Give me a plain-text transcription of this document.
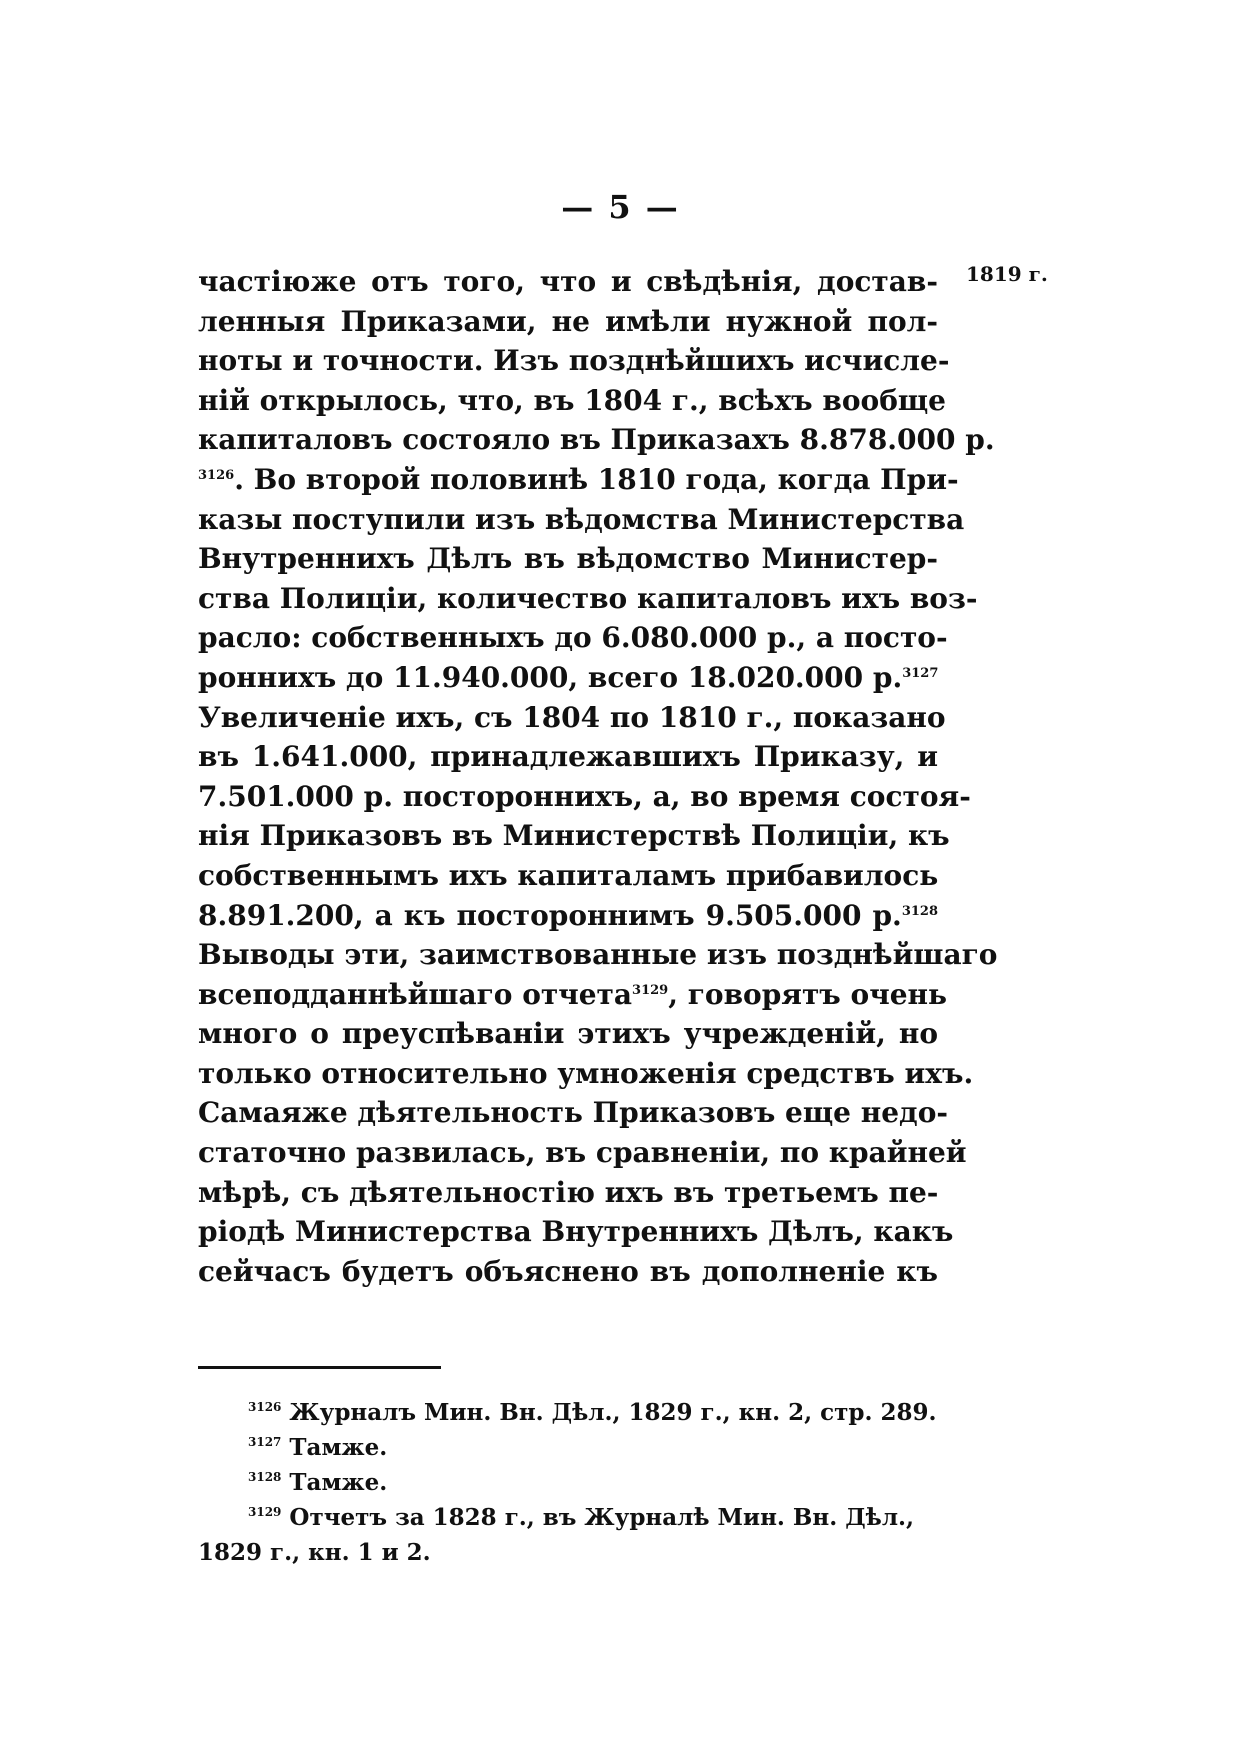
— 5 —
1819 г.
частiюже отъ того, что и свѣдѣнiя, достав-
ленныя Приказами, не имѣли нужной пол-
ноты и точности. Изъ позднѣйшихъ исчисле-
нiй открылось, что, въ 1804 г., всѣхъ вообще
капиталовъ состояло въ Приказахъ 8.878.000 р.
$^{3126}$. Во второй половинѣ 1810 года, когда При-
казы поступили изъ вѣдомства Министерства
Внутреннихъ Дѣлъ въ вѣдомство Министер-
ства Полицiи, количество капиталовъ ихъ воз-
расло: собственныхъ до 6.080.000 р., а посто-
роннихъ до 11.940.000, всего 18.020.000 р.$^{3127}$
Увеличенiе ихъ, съ 1804 по 1810 г., показано
въ 1.641.000, принадлежавшихъ Приказу, и
7.501.000 р. постороннихъ, а, во время состоя-
нiя Приказовъ въ Министерствѣ Полицiи, къ
собственнымъ ихъ капиталамъ прибавилось
8.891.200, а къ постороннимъ 9.505.000 р.$^{3128}$
Выводы эти, заимствованные изъ позднѣйшаго
всеподданнѣйшаго отчета$^{3129}$, говорятъ очень
много о преуспѣванiи этихъ учрежденiй, но
только относительно умноженiя средствъ ихъ.
Самаяже дѣятельность Приказовъ еще недо-
статочно развилась, въ сравненiи, по крайней
мѣрѣ, съ дѣятельностiю ихъ въ третьемъ пе-
рiодѣ Министерства Внутреннихъ Дѣлъ, какъ
сейчасъ будетъ объяснено въ дополненiе къ
$^{3126}$ Журналъ Мин. Вн. Дѣл., 1829 г., кн. 2, стр. 289.
$^{3127}$ Тамже.
$^{3128}$ Тамже.
$^{3129}$ Отчетъ за 1828 г., въ Журналѣ Мин. Вн. Дѣл.,
1829 г., кн. 1 и 2.
